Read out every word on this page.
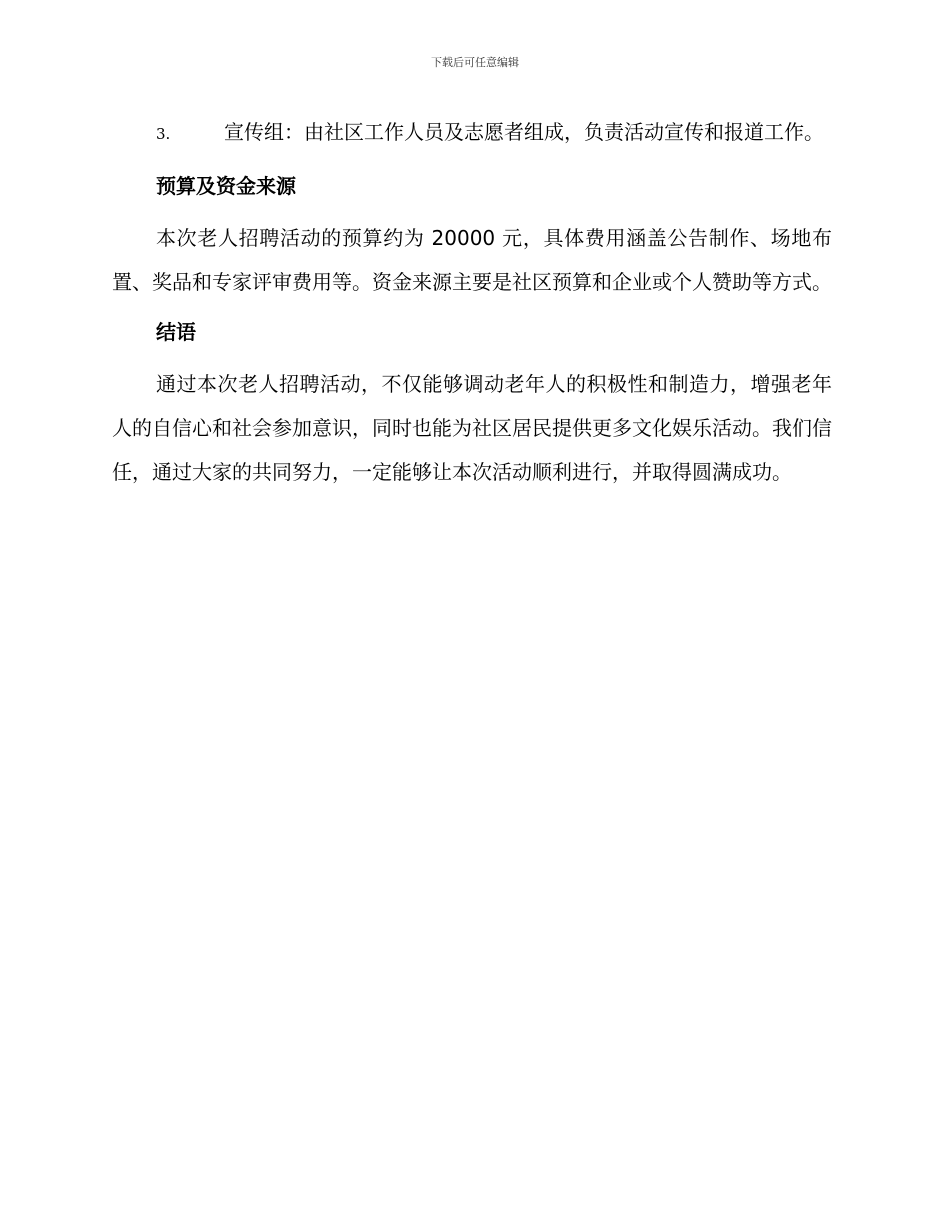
下载后可任意编辑

3.	宣传组：由社区工作人员及志愿者组成，负责活动宣传和报道工作。

预算及资金来源

本次老人招聘活动的预算约为 20000 元，具体费用涵盖公告制作、场地布置、奖品和专家评审费用等。资金来源主要是社区预算和企业或个人赞助等方式。

结语

通过本次老人招聘活动，不仅能够调动老年人的积极性和制造力，增强老年人的自信心和社会参加意识，同时也能为社区居民提供更多文化娱乐活动。我们信任，通过大家的共同努力，一定能够让本次活动顺利进行，并取得圆满成功。
